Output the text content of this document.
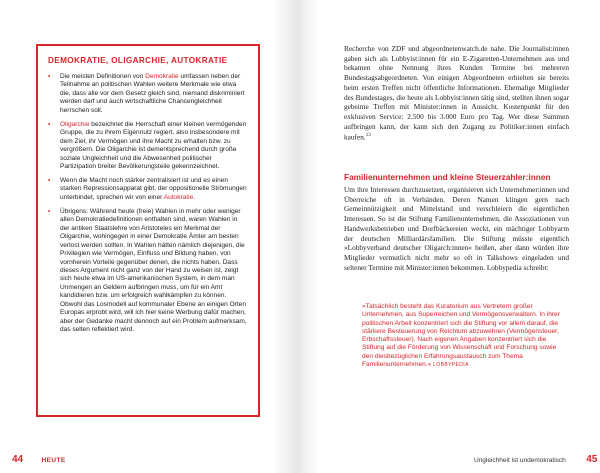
DEMOKRATIE, OLIGARCHIE, AUTOKRATIE
• Die meisten Definitionen von Demokratie umfassen neben der Teilnahme an politischen Wahlen weitere Merkmale wie etwa die, dass alle vor dem Gesetz gleich sind, niemand diskriminiert werden darf und auch wirtschaftliche Chancengleichheit herrschen soll.
• Oligarchie bezeichnet die Herrschaft einer kleinen vermögenden Gruppe, die zu ihrem Eigennutz regiert, also insbesondere mit dem Ziel, ihr Vermögen und ihre Macht zu erhalten bzw. zu vergrößern. Die Oligarchie ist dementsprechend durch große soziale Ungleichheit und die Abwesenheit politischer Partizipation breiter Bevölkerungsteile gekennzeichnet.
• Wenn die Macht noch stärker zentralisiert ist und es einen starken Repressionsapparat gibt, der oppositionelle Strömungen unterbindet, sprechen wir von einer Autokratie.
• Übrigens: Während heute (freie) Wahlen in mehr oder weniger allen Demokratiedefinitionen enthalten sind, waren Wahlen in der antiken Staatslehre von Aristoteles ein Merkmal der Oligarchie, wohingegen in einer Demokratie Ämter am besten verlost werden sollten. In Wahlen hätten nämlich diejenigen, die Privilegien wie Vermögen, Einfluss und Bildung haben, von vornherein Vorteile gegenüber denen, die nichts haben. Dass dieses Argument nicht ganz von der Hand zu weisen ist, zeigt sich heute etwa im US-amerikanischen System, in dem man Unmengen an Geldern aufbringen muss, um für ein Amt kandidieren bzw. um erfolgreich wahlkämpfen zu können. Obwohl das Losmodell auf kommunaler Ebene an einigen Orten Europas erprobt wird, will ich hier keine Werbung dafür machen, aber der Gedanke macht dennoch auf ein Problem aufmerksam, das selten reflektiert wird.
44	HEUTE

Recherche von ZDF und abgeordnetenwatch.de nahe. Die Journalist:innen gaben sich als Lobbyist:innen für ein E-Zigaretten-Unternehmen aus und bekamen ohne Nennung ihres Kunden Termine bei mehreren Bundestagsabgeordneten. Von einigen Abgeordneten erhielten sie bereits beim ersten Treffen nicht öffentliche Informationen. Ehemalige Mitglieder des Bundestages, die heute als Lobbyist:innen tätig sind, stellten ihnen sogar gebeime Treffen mit Minister:innen in Aussicht. Kostenpunkt für den exklusiven Service: 2.500 bis 3.000 Euro pro Tag. Wer diese Summen aufbringen kann, der kann sich den Zugang zu Politiker:innen einfach kaufen.$^{13}$

Familienunternehmen und kleine Steuerzahler:innen

Um ihre Interessen durchzusetzen, organisieren sich Unternehmer:innen und Überreiche oft in Verbänden. Deren Namen klingen gern nach Gemeinnützigkeit und Mittelstand und verschleiern die eigentlichen Interessen. So ist die Stiftung Familienunternehmen, die Assoziationen von Handwerksbetrieben und Dorfbäckereien weckt, ein mächtiger Lobbyarm der deutschen Milliardärsfamilien. Die Stiftung müsste eigentlich »Lobbyverband deutscher Oligarch:innen« heißen, aber dann würden ihre Mitglieder vermutlich nicht mehr so oft in Talkshows eingeladen und seltener Termine mit Minister:innen bekommen. Lobbypedia schreibt:

»Tatsächlich besteht das Kuratorium aus Vertretern großer Unternehmen, aus Superreichen und Vermögensverwaltern. In ihrer politischen Arbeit konzentriert sich die Stiftung vor allem darauf, die stärkere Besteuerung von Reichtum abzuwehren (Vermögensteuer, Erbschaftssteuer). Nach eigenen Angaben konzentriert sich die Stiftung auf die Förderung von Wissenschaft und Forschung sowie den diesbezüglichen Erfahrungsaustausch zum Thema Familienunternehmen.« LOBBYPEDIA

Ungleichheit ist undemokratisch 45
